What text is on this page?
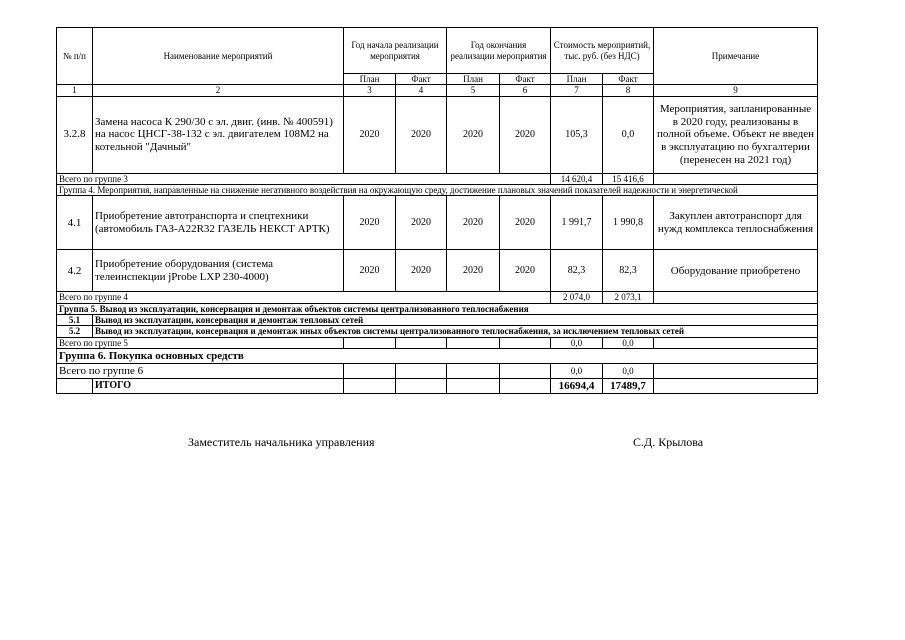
№ п/п	Наименование мероприятий	Год начала реализации мероприятия		Год окончания реализации мероприятия		Стоимость мероприятий, тыс. руб. (без НДС)		Примечание
		План	Факт	План	Факт	План	Факт	
1	2	3	4	5	6	7	8	9
3.2.8	Замена насоса К 290/30 с эл. двиг. (инв. № 400591) на насос ЦНСГ-38-132 с эл. двигателем 108М2 на котельной "Дачный"	2020	2020	2020	2020	105,3	0,0	Мероприятия, запланированные в 2020 году, реализованы в полной объеме. Объект не введен в эксплуатацию по бухгалтерии (перенесен на 2021 год)
Всего по группе 3						14 620,4	15 416,6	
Группа 4. Мероприятия, направленные на снижение негативного воздействия на окружающую среду, достижение плановых значений показателей надежности и энергетической								
4.1	Приобретение автотранспорта и спецтехники (автомобиль ГАЗ-А22R32 ГАЗЕЛЬ НЕКСТ АРТК)	2020	2020	2020	2020	1 991,7	1 990,8	Закуплен автотранспорт для нужд комплекса теплоснабжения
4.2	Приобретение оборудования (система телеинспекции jProbe LXP 230-4000)	2020	2020	2020	2020	82,3	82,3	Оборудование приобретено
Всего по группе 4						2 074,0	2 073,1	
Группа 5. Вывод из эксплуатации, консервация и демонтаж объектов системы централизованного теплоснабжения								
5.1	Вывод из эксплуатации, консервация и демонтаж тепловых сетей							
5.2	Вывод из эксплуатации, консервация и демонтаж иных объектов системы централизованного теплоснабжения, за исключением тепловых сетей							
Всего по группе 5						0,0	0,0	
Группа 6. Покупка основных средств								
Всего по группе 6						0,0	0,0	
	ИТОГО					16694,4	17489,7	
Заместитель начальника управления	С.Д. Крылова
